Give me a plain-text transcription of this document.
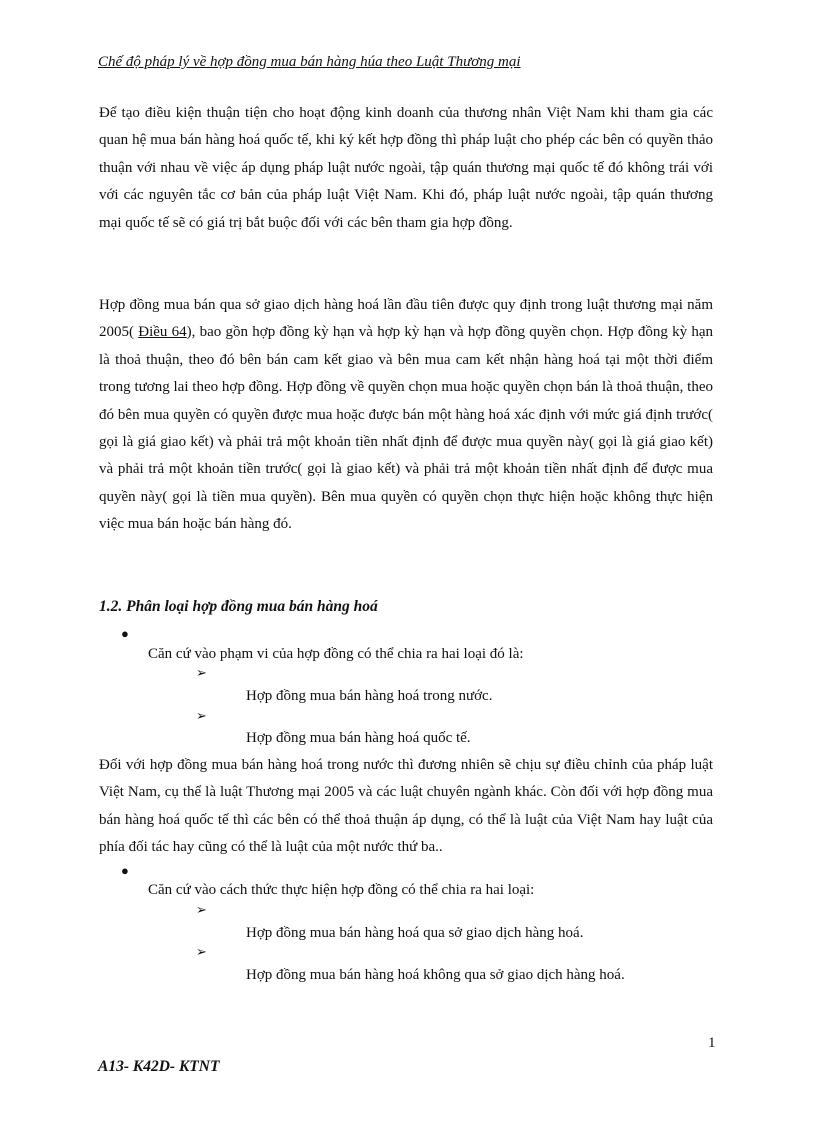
Chế độ pháp lý về hợp đồng mua bán hàng húa theo Luật Thương mại

Để tạo điều kiện thuận tiện cho hoạt động kinh doanh của thương nhân Việt Nam khi tham gia các quan hệ mua bán hàng hoá quốc tế, khi ký kết hợp đồng thì pháp luật cho phép các bên có quyền thảo thuận với nhau về việc áp dụng pháp luật nước ngoài, tập quán thương mại quốc tế đó không trái với với các nguyên tắc cơ bản của pháp luật Việt Nam. Khi đó, pháp luật nước ngoài, tập quán thương mại quốc tế sẽ có giá trị bắt buộc đối với các bên tham gia hợp đồng.

Hợp đồng mua bán qua sở giao dịch hàng hoá lần đầu tiên được quy định trong luật thương mại năm 2005( Điều 64), bao gồn hợp đồng kỳ hạn và hợp kỳ hạn và hợp đồng quyền chọn. Hợp đồng kỳ hạn là thoả thuận, theo đó bên bán cam kết giao và bên mua cam kết nhận hàng hoá tại một thời điểm trong tương lai theo hợp đồng. Hợp đồng về quyền chọn mua hoặc quyền chọn bán là thoả thuận, theo đó bên mua quyền có quyền được mua hoặc được bán một hàng hoá xác định với mức giá định trước( gọi là giá giao kết) và phải trả một khoản tiền nhất định để được mua quyền này( gọi là giá giao kết) và phải trả một khoản tiền trước( gọi là giao kết) và phải trả một khoản tiền nhất định để được mua quyền này( gọi là tiền mua quyền). Bên mua quyền có quyền chọn thực hiện hoặc không thực hiện việc mua bán hoặc bán hàng đó.

1.2. Phân loại hợp đồng mua bán hàng hoá

●

Căn cứ vào phạm vi của hợp đồng có thể chia ra hai loại đó là:

➢

Hợp đồng mua bán hàng hoá trong nước.

➢

Hợp đồng mua bán hàng hoá quốc tế.

Đối với hợp đồng mua bán hàng hoá trong nước thì đương nhiên sẽ chịu sự điều chỉnh của pháp luật Việt Nam, cụ thể là luật Thương mại 2005 và các luật chuyên ngành khác. Còn đối với hợp đồng mua bán hàng hoá quốc tế thì các bên có thể thoả thuận áp dụng, có thể là luật của Việt Nam hay luật của phía đối tác hay cũng có thể là luật của một nước thứ ba..

●

Căn cứ vào cách thức thực hiện hợp đồng có thể chia ra hai loại:

➢

Hợp đồng mua bán hàng hoá qua sở giao dịch hàng hoá.

➢

Hợp đồng mua bán hàng hoá không qua sở giao dịch hàng hoá.

1
A13- K42D- KTNT
